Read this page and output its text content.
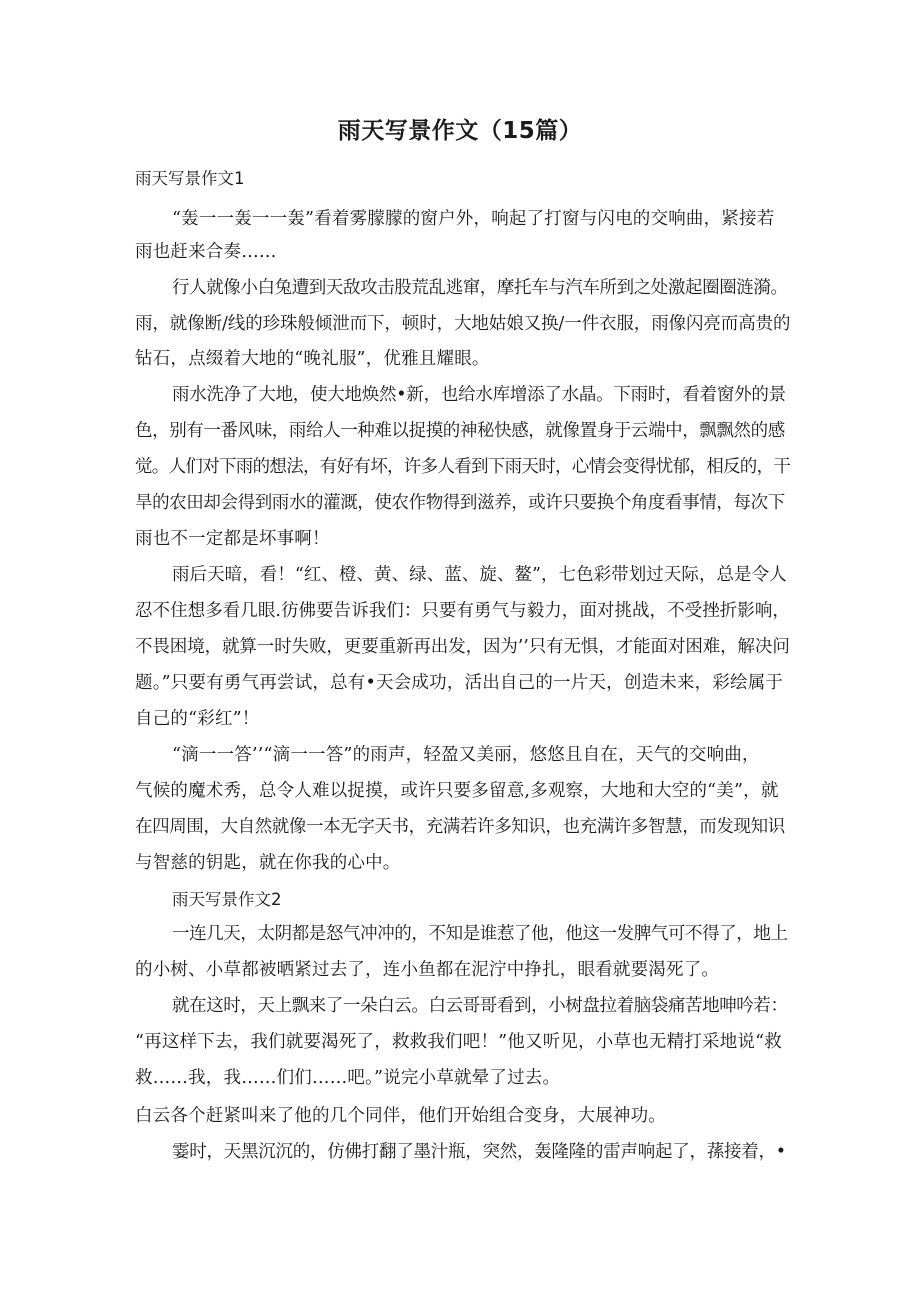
雨天写景作文（15篇）
雨天写景作文1
“轰一一轰一一轰”看着雾朦朦的窗户外，响起了打窗与闪电的交响曲，紧接若
雨也赶来合奏……
行人就像小白兔遭到天敌攻击股荒乱逃窜，摩托车与汽车所到之处激起圈圈涟漪。
雨，就像断/线的珍珠般倾泄而下，顿时，大地姑娘又换/一件衣服，雨像闪亮而高贵的
钻石，点缀着大地的“晚礼服”，优雅且耀眼。
雨水洗净了大地，使大地焕然•新，也给水库增添了水晶。下雨时，看着窗外的景
色，别有一番风味，雨给人一种难以捉摸的神秘快感，就像置身于云端中，飘飘然的感
觉。人们对下雨的想法，有好有坏，许多人看到下雨天时，心情会变得忧郁，相反的，干
旱的农田却会得到雨水的灌溉，使农作物得到滋养，或许只要换个角度看事情，每次下
雨也不一定都是坏事啊！
雨后天暗，看！“红、橙、黄、绿、蓝、旋、鳌”，七色彩带划过天际，总是令人
忍不住想多看几眼.彷佛要告诉我们：只要有勇气与毅力，面对挑战，不受挫折影响，
不畏困境，就算一时失败，更要重新再出发，因为’’只有无惧，才能面对困难，解决问
题。”只要有勇气再尝试，总有•天会成功，活出自己的一片天，创造未来，彩绘属于
自己的“彩红”！
“滴一一答’’“滴一一答”的雨声，轻盈又美丽，悠悠且自在，天气的交响曲，
气候的魔术秀，总令人难以捉摸，或许只要多留意,多观察，大地和大空的“美”，就
在四周围，大自然就像一本无字天书，充满若许多知识，也充满许多智慧，而发现知识
与智慈的钥匙，就在你我的心中。
雨天写景作文2
一连几天，太阴都是怒气冲冲的，不知是谁惹了他，他这一发脾气可不得了，地上
的小树、小草都被晒紧过去了，连小鱼都在泥泞中挣扎，眼看就要渴死了。
就在这时，天上飘来了一朵白云。白云哥哥看到，小树盘拉着脑袋痛苦地呻吟若：
“再这样下去，我们就要渴死了，救救我们吧！”他又听见，小草也无精打采地说“救
救……我，我……们们……吧。”说完小草就晕了过去。
白云各个赶紧叫来了他的几个同伴，他们开始组合变身，大展神功。
霎时，天黑沉沉的，仿佛打翻了墨汁瓶，突然，轰隆隆的雷声响起了，蓀接着，•
